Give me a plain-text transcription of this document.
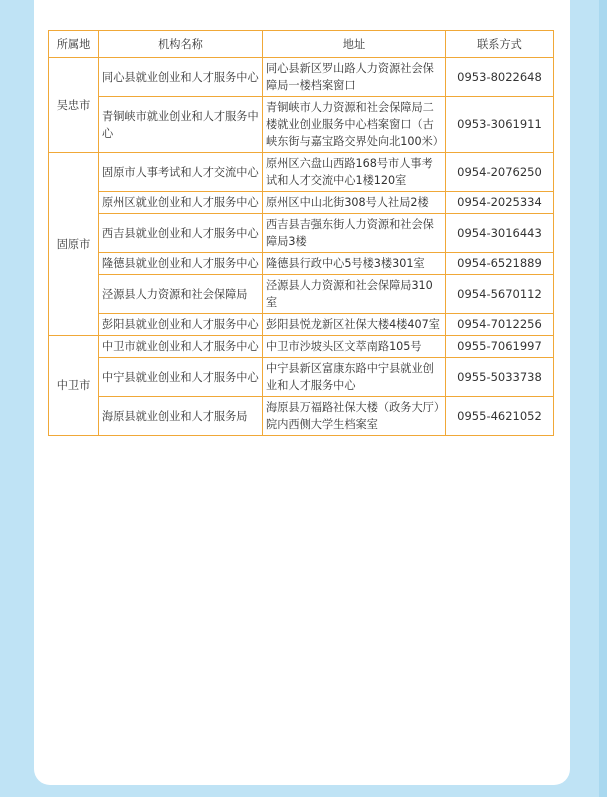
所属地	机构名称	地址	联系方式
吴忠市	同心县就业创业和人才服务中心	同心县新区罗山路人力资源社会保障局一楼档案窗口	0953-8022648
	青铜峡市就业创业和人才服务中心	青铜峡市人力资源和社会保障局二楼就业创业服务中心档案窗口（古峡东街与嘉宝路交界处向北100米）	0953-3061911
固原市	固原市人事考试和人才交流中心	原州区六盘山西路168号市人事考试和人才交流中心1楼120室	0954-2076250
	原州区就业创业和人才服务中心	原州区中山北街308号人社局2楼	0954-2025334
	西吉县就业创业和人才服务中心	西吉县吉强东街人力资源和社会保障局3楼	0954-3016443
	隆德县就业创业和人才服务中心	隆德县行政中心5号楼3楼301室	0954-6521889
	泾源县人力资源和社会保障局	泾源县人力资源和社会保障局310室	0954-5670112
	彭阳县就业创业和人才服务中心	彭阳县悦龙新区社保大楼4楼407室	0954-7012256
中卫市	中卫市就业创业和人才服务中心	中卫市沙坡头区文萃南路105号	0955-7061997
	中宁县就业创业和人才服务中心	中宁县新区富康东路中宁县就业创业和人才服务中心	0955-5033738
	海原县就业创业和人才服务局	海原县万福路社保大楼（政务大厅）院内西侧大学生档案室	0955-4621052
